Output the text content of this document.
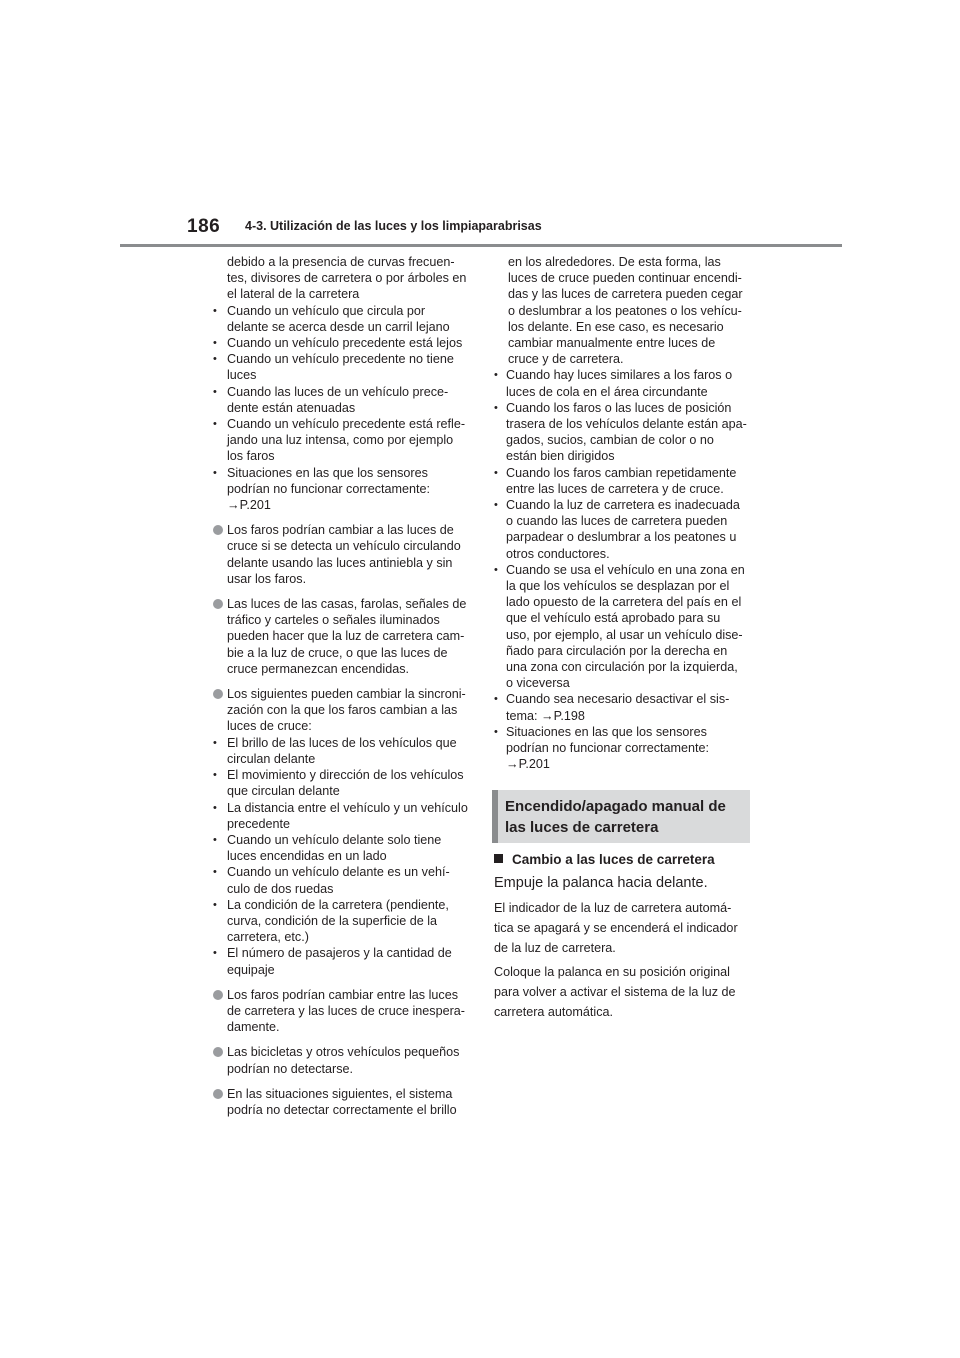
186 4-3. Utilización de las luces y los limpiaparabrisas
debido a la presencia de curvas frecuen-
tes, divisores de carretera o por árboles en
el lateral de la carretera
• Cuando un vehículo que circula por
delante se acerca desde un carril lejano
• Cuando un vehículo precedente está lejos
• Cuando un vehículo precedente no tiene
luces
• Cuando las luces de un vehículo prece-
dente están atenuadas
• Cuando un vehículo precedente está refle-
jando una luz intensa, como por ejemplo
los faros
• Situaciones en las que los sensores
podrían no funcionar correctamente:
→P.201
Los faros podrían cambiar a las luces de
cruce si se detecta un vehículo circulando
delante usando las luces antiniebla y sin
usar los faros.
Las luces de las casas, farolas, señales de
tráfico y carteles o señales iluminados
pueden hacer que la luz de carretera cam-
bie a la luz de cruce, o que las luces de
cruce permanezcan encendidas.
Los siguientes pueden cambiar la sincroni-
zación con la que los faros cambian a las
luces de cruce:
• El brillo de las luces de los vehículos que
circulan delante
• El movimiento y dirección de los vehículos
que circulan delante
• La distancia entre el vehículo y un vehículo
precedente
• Cuando un vehículo delante solo tiene
luces encendidas en un lado
• Cuando un vehículo delante es un vehí-
culo de dos ruedas
• La condición de la carretera (pendiente,
curva, condición de la superficie de la
carretera, etc.)
• El número de pasajeros y la cantidad de
equipaje
Los faros podrían cambiar entre las luces
de carretera y las luces de cruce inespera-
damente.
Las bicicletas y otros vehículos pequeños
podrían no detectarse.
En las situaciones siguientes, el sistema
podría no detectar correctamente el brillo
en los alrededores. De esta forma, las
luces de cruce pueden continuar encendi-
das y las luces de carretera pueden cegar
o deslumbrar a los peatones o los vehícu-
los delante. En ese caso, es necesario
cambiar manualmente entre luces de
cruce y de carretera.
• Cuando hay luces similares a los faros o
luces de cola en el área circundante
• Cuando los faros o las luces de posición
trasera de los vehículos delante están apa-
gados, sucios, cambian de color o no
están bien dirigidos
• Cuando los faros cambian repetidamente
entre las luces de carretera y de cruce.
• Cuando la luz de carretera es inadecuada
o cuando las luces de carretera pueden
parpadear o deslumbrar a los peatones u
otros conductores.
• Cuando se usa el vehículo en una zona en
la que los vehículos se desplazan por el
lado opuesto de la carretera del país en el
que el vehículo está aprobado para su
uso, por ejemplo, al usar un vehículo dise-
ñado para circulación por la derecha en
una zona con circulación por la izquierda,
o viceversa
• Cuando sea necesario desactivar el sis-
tema: →P.198
• Situaciones en las que los sensores
podrían no funcionar correctamente:
→P.201
Encendido/apagado manual de
las luces de carretera
Cambio a las luces de carretera
Empuje la palanca hacia delante.
El indicador de la luz de carretera automá-
tica se apagará y se encenderá el indicador
de la luz de carretera.
Coloque la palanca en su posición original
para volver a activar el sistema de la luz de
carretera automática.
